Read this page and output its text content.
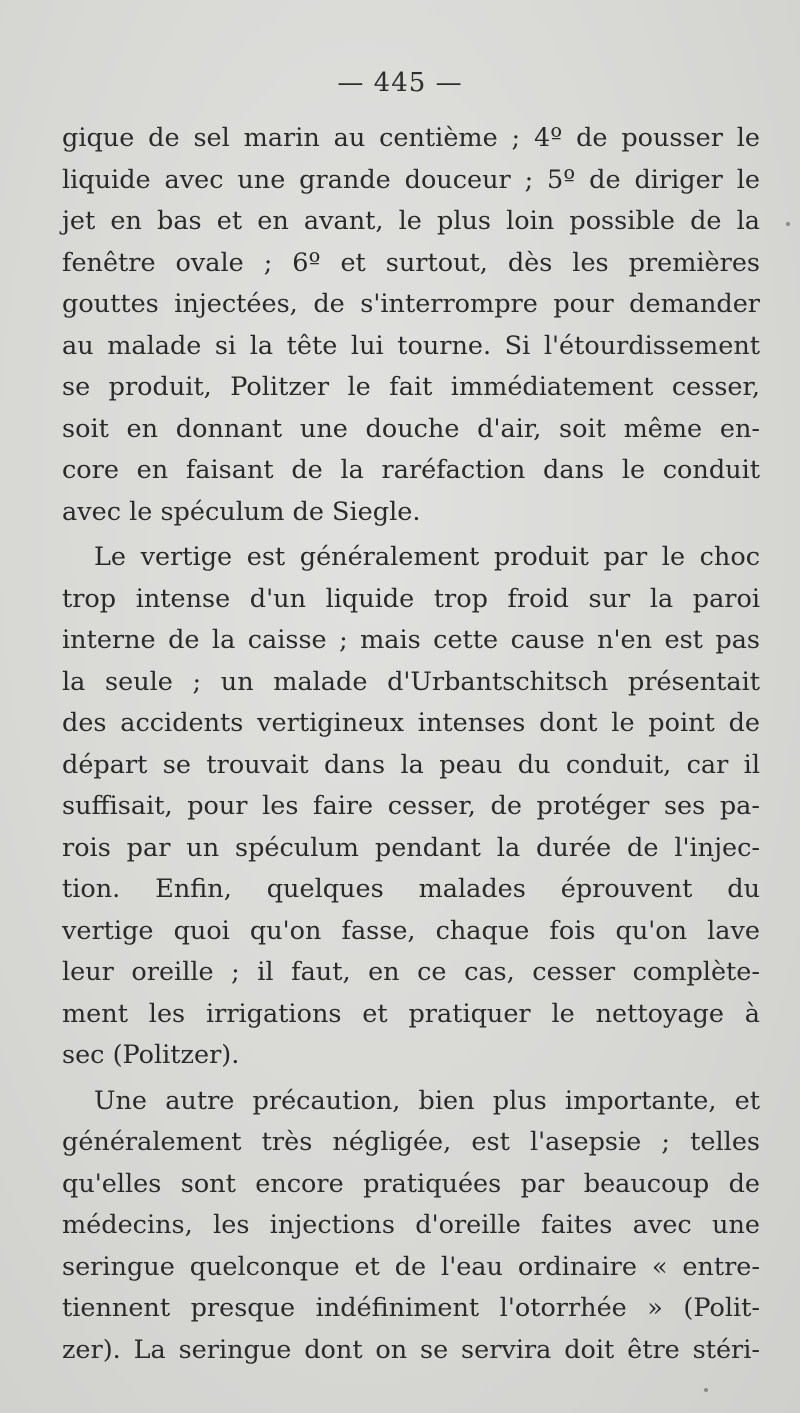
— 445 —
gique de sel marin au centième ; 4º de pousser le
liquide avec une grande douceur ; 5º de diriger le
jet en bas et en avant, le plus loin possible de la
fenêtre ovale ; 6º et surtout, dès les premières
gouttes injectées, de s'interrompre pour demander
au malade si la tête lui tourne. Si l'étourdissement
se produit, Politzer le fait immédiatement cesser,
soit en donnant une douche d'air, soit même en-
core en faisant de la raréfaction dans le conduit
avec le spéculum de Siegle.
Le vertige est généralement produit par le choc
trop intense d'un liquide trop froid sur la paroi
interne de la caisse ; mais cette cause n'en est pas
la seule ; un malade d'Urbantschitsch présentait
des accidents vertigineux intenses dont le point de
départ se trouvait dans la peau du conduit, car il
suffisait, pour les faire cesser, de protéger ses pa-
rois par un spéculum pendant la durée de l'injec-
tion. Enfin, quelques malades éprouvent du
vertige quoi qu'on fasse, chaque fois qu'on lave
leur oreille ; il faut, en ce cas, cesser complète-
ment les irrigations et pratiquer le nettoyage à
sec (Politzer).
Une autre précaution, bien plus importante, et
généralement très négligée, est l'asepsie ; telles
qu'elles sont encore pratiquées par beaucoup de
médecins, les injections d'oreille faites avec une
seringue quelconque et de l'eau ordinaire « entre-
tiennent presque indéfiniment l'otorrhée » (Polit-
zer). La seringue dont on se servira doit être stéri-
